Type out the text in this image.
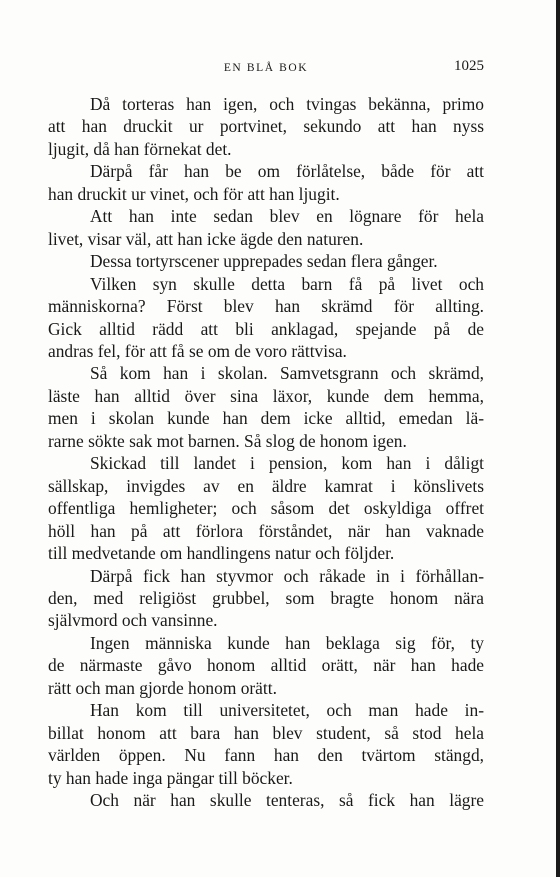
EN BLÅ BOK	1025
Då torteras han igen, och tvingas bekänna, primo
att han druckit ur portvinet, sekundo att han nyss
ljugit, då han förnekat det.
Därpå får han be om förlåtelse, både för att
han druckit ur vinet, och för att han ljugit.
Att han inte sedan blev en lögnare för hela
livet, visar väl, att han icke ägde den naturen.
Dessa tortyrscener upprepades sedan flera gånger.
Vilken syn skulle detta barn få på livet och
människorna? Först blev han skrämd för allting.
Gick alltid rädd att bli anklagad, spejande på de
andras fel, för att få se om de voro rättvisa.
Så kom han i skolan. Samvetsgrann och skrämd,
läste han alltid över sina läxor, kunde dem hemma,
men i skolan kunde han dem icke alltid, emedan lä-
rarne sökte sak mot barnen. Så slog de honom igen.
Skickad till landet i pension, kom han i dåligt
sällskap, invigdes av en äldre kamrat i könslivets
offentliga hemligheter; och såsom det oskyldiga offret
höll han på att förlora förståndet, när han vaknade
till medvetande om handlingens natur och följder.
Därpå fick han styvmor och råkade in i förhållan-
den, med religiöst grubbel, som bragte honom nära
självmord och vansinne.
Ingen människa kunde han beklaga sig för, ty
de närmaste gåvo honom alltid orätt, när han hade
rätt och man gjorde honom orätt.
Han kom till universitetet, och man hade in-
billat honom att bara han blev student, så stod hela
världen öppen. Nu fann han den tvärtom stängd,
ty han hade inga pängar till böcker.
Och när han skulle tenteras, så fick han lägre
